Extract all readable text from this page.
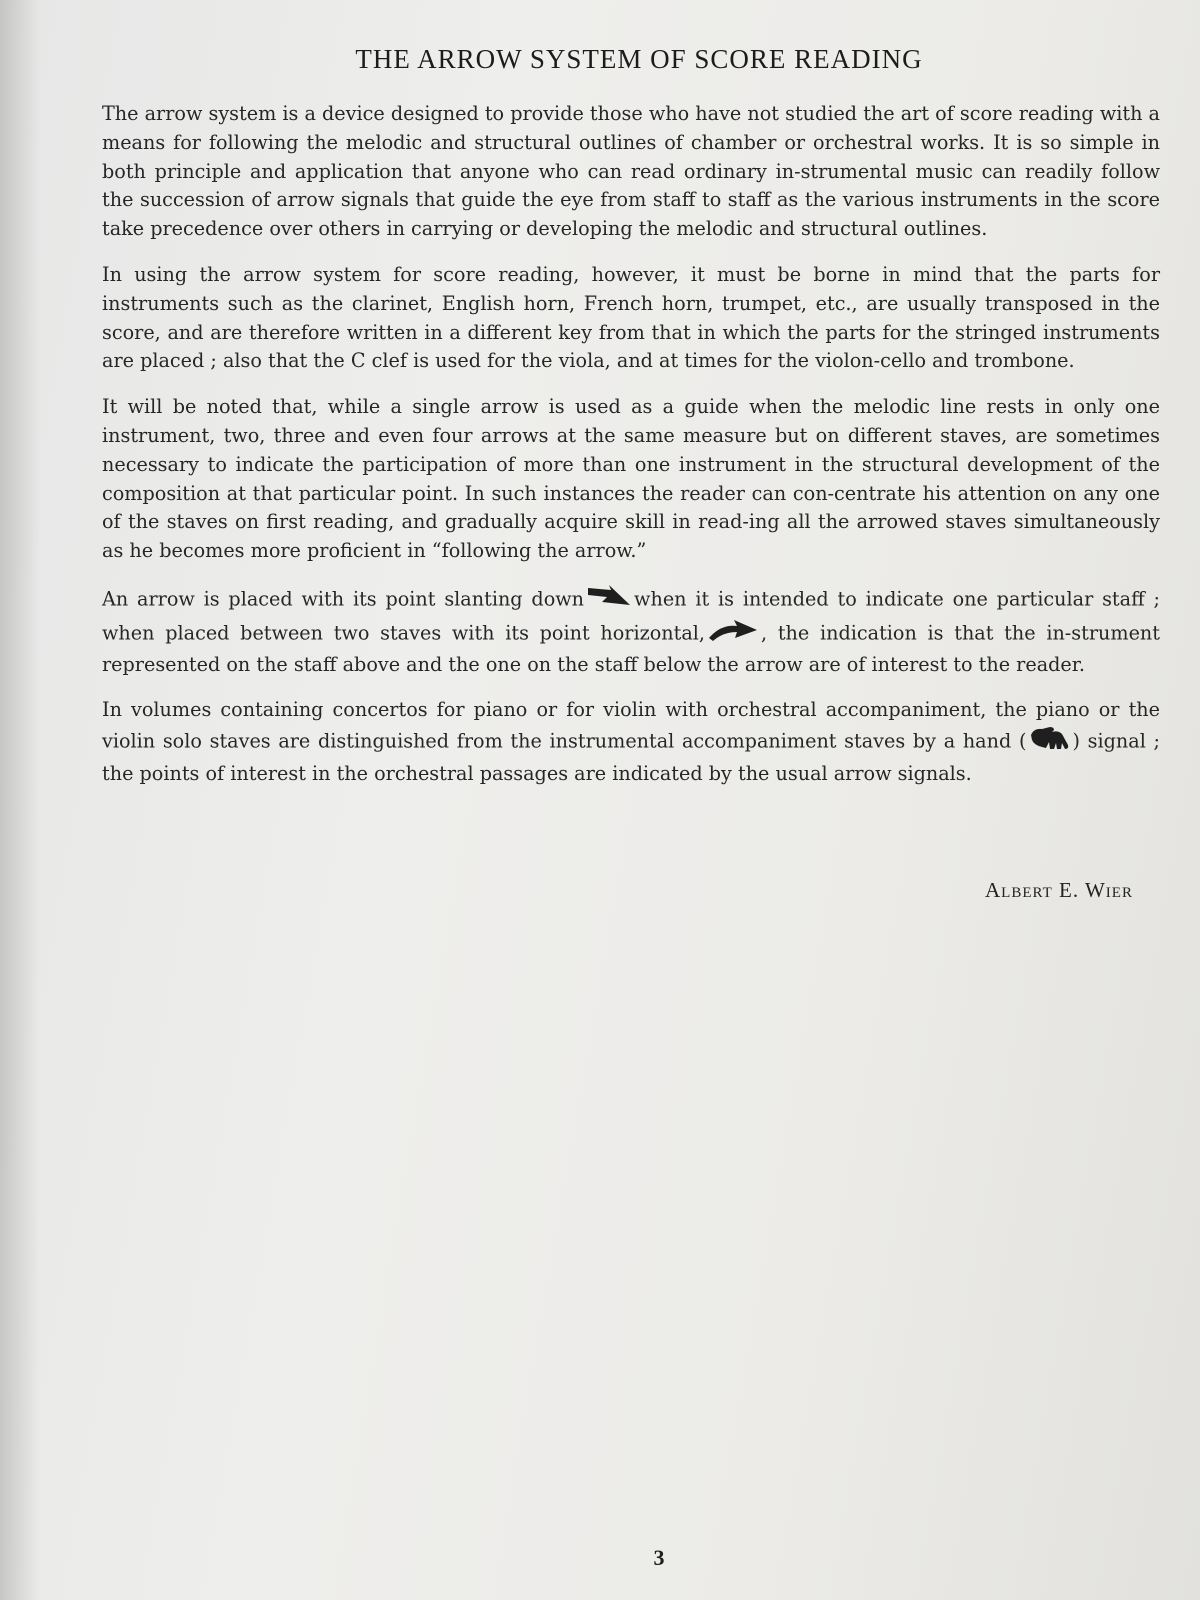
THE ARROW SYSTEM OF SCORE READING

The arrow system is a device designed to provide those who have not studied the art of score reading with a means for following the melodic and structural outlines of chamber or orchestral works. It is so simple in both principle and application that anyone who can read ordinary in-strumental music can readily follow the succession of arrow signals that guide the eye from staff to staff as the various instruments in the score take precedence over others in carrying or developing the melodic and structural outlines.

In using the arrow system for score reading, however, it must be borne in mind that the parts for instruments such as the clarinet, English horn, French horn, trumpet, etc., are usually transposed in the score, and are therefore written in a different key from that in which the parts for the stringed instruments are placed ; also that the C clef is used for the viola, and at times for the violon-cello and trombone.

It will be noted that, while a single arrow is used as a guide when the melodic line rests in only one instrument, two, three and even four arrows at the same measure but on different staves, are sometimes necessary to indicate the participation of more than one instrument in the structural development of the composition at that particular point. In such instances the reader can con-centrate his attention on any one of the staves on first reading, and gradually acquire skill in read-ing all the arrowed staves simultaneously as he becomes more proficient in “following the arrow.”

An arrow is placed with its point slanting down	when it is intended to indicate one particular staff ; when placed between two staves with its point horizontal,	, the indication is that the in-strument represented on the staff above and the one on the staff below the arrow are of interest to the reader.

In volumes containing concertos for piano or for violin with orchestral accompaniment, the piano or the violin solo staves are distinguished from the instrumental accompaniment staves by a hand ( ) signal ; the points of interest in the orchestral passages are indicated by the usual arrow signals.

Albert E. Wier
3
